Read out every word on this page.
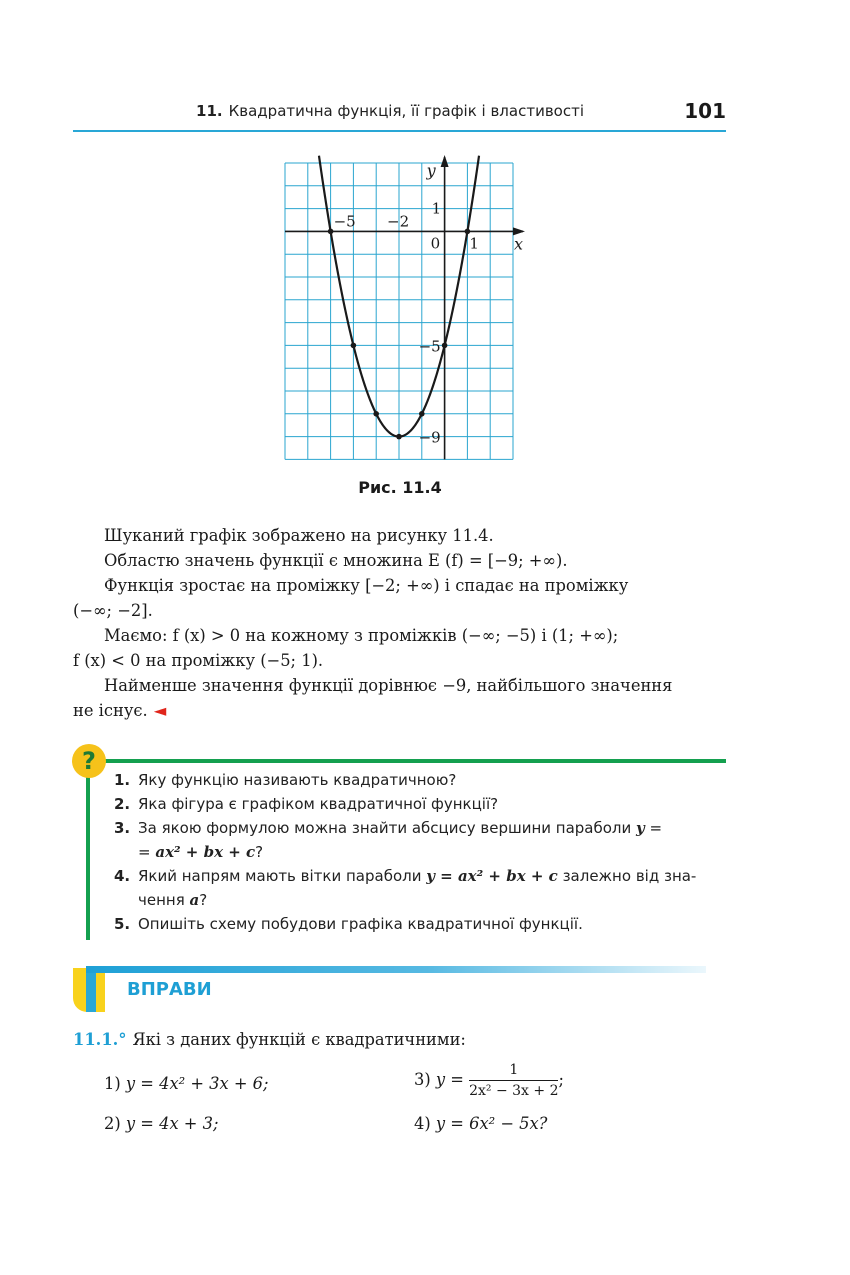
11. Квадратична функція, її графік і властивості	101
−5 −2
0 1
1
−5
−9
x
y
Рис. 11.4

Шуканий графік зображено на рисунку 11.4.

Областю значень функції є множина E (f) = [−9; +∞).

Функція зростає на проміжку [−2; +∞) і спадає на проміжку

(−∞; −2].

Маємо: f (x) > 0 на кожному з проміжків (−∞; −5) і (1; +∞);

f (x) < 0 на проміжку (−5; 1).

Найменше значення функції дорівнює −9, найбільшого значення

не існує. ◄

?
1. Яку функцію називають квадратичною?
2. Яка фігура є графіком квадратичної функції?
3. За якою формулою можна знайти абсцису вершини параболи y =
= ax² + bx + c?
4. Який напрям мають вітки параболи y = ax² + bx + c залежно від зна-
чення a?
5. Опишіть схему побудови графіка квадратичної функції.
ВПРАВИ
11.1.° Які з даних функцій є квадратичними:
1) y = 4x² + 3x + 6;
2) y = 4x + 3;
3) $y = \frac{1}{\text{2x² − 3x + 2}}$ ;
4) y = 6x² − 5x?
